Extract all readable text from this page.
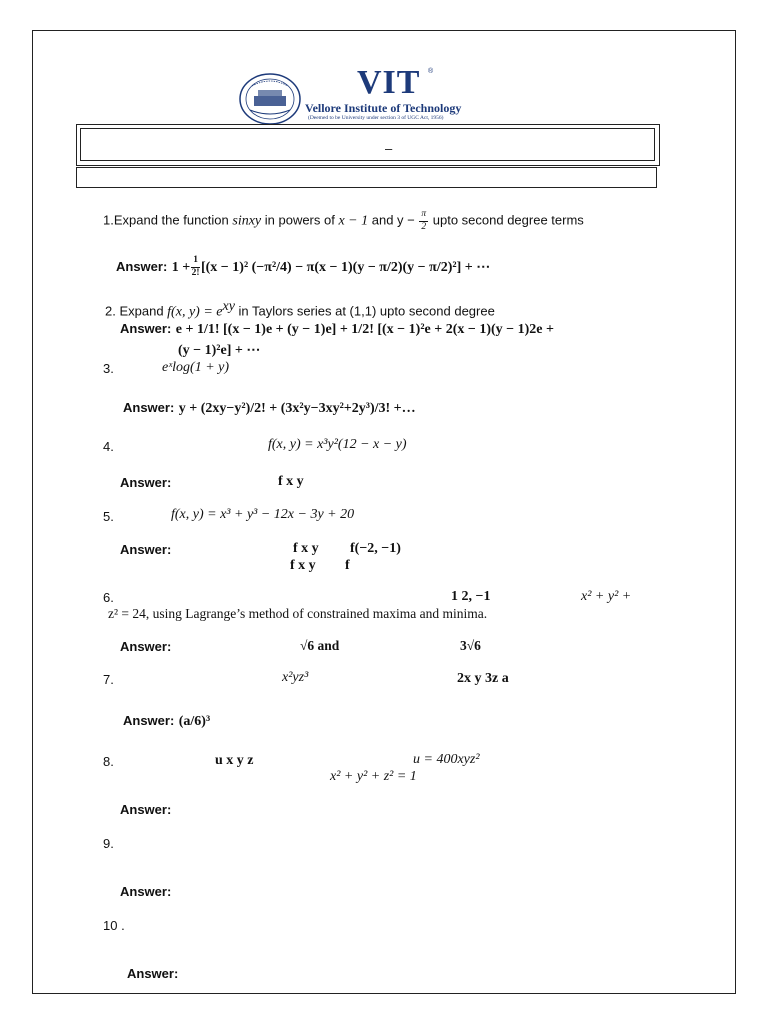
VIT ®
Vellore Institute of Technology
(Deemed to be University under section 3 of UGC Act, 1956)
–
1.Expand the function sinxy in powers of x − 1 and $y - \frac{\pi}{2}$ upto second degree terms
Answer: $1 + \frac{1}{2!} [(x - 1)^2$ (−π²/4) − π(x − 1)(y − π/2)(y − π/2)²] + ⋯
2. Expand f(x, $y) = e^{xy}$ in Taylors series at (1,1) upto second degree
Answer: e + 1/1! [(x − 1)e + (y − 1)e] + 1/2! [(x − 1)²e + 2(x − 1)(y − 1)2e +
(y − 1)²e] + ⋯
3.	eˣlog(1 + y)
Answer: y + (2xy−y²)/2! + (3x²y−3xy²+2y³)/3! +…
4.	f(x, y) = x³y²(12 − x − y)
Answer:	f x y
5.	f(x, y) = x³ + y³ − 12x − 3y + 20
Answer:	f x y f(−2, −1)
f x y f
6.	1 2, −1	x² + y² +
z² = 24, using Lagrange’s method of constrained maxima and minima.
Answer:	√6 and	3√6
7.	x²yz³	2x y 3z a
Answer: (a/6)³
8.	u x y z	u = 400xyz²
x² + y² + z² = 1
Answer:
9.
Answer:
10 .
Answer:
